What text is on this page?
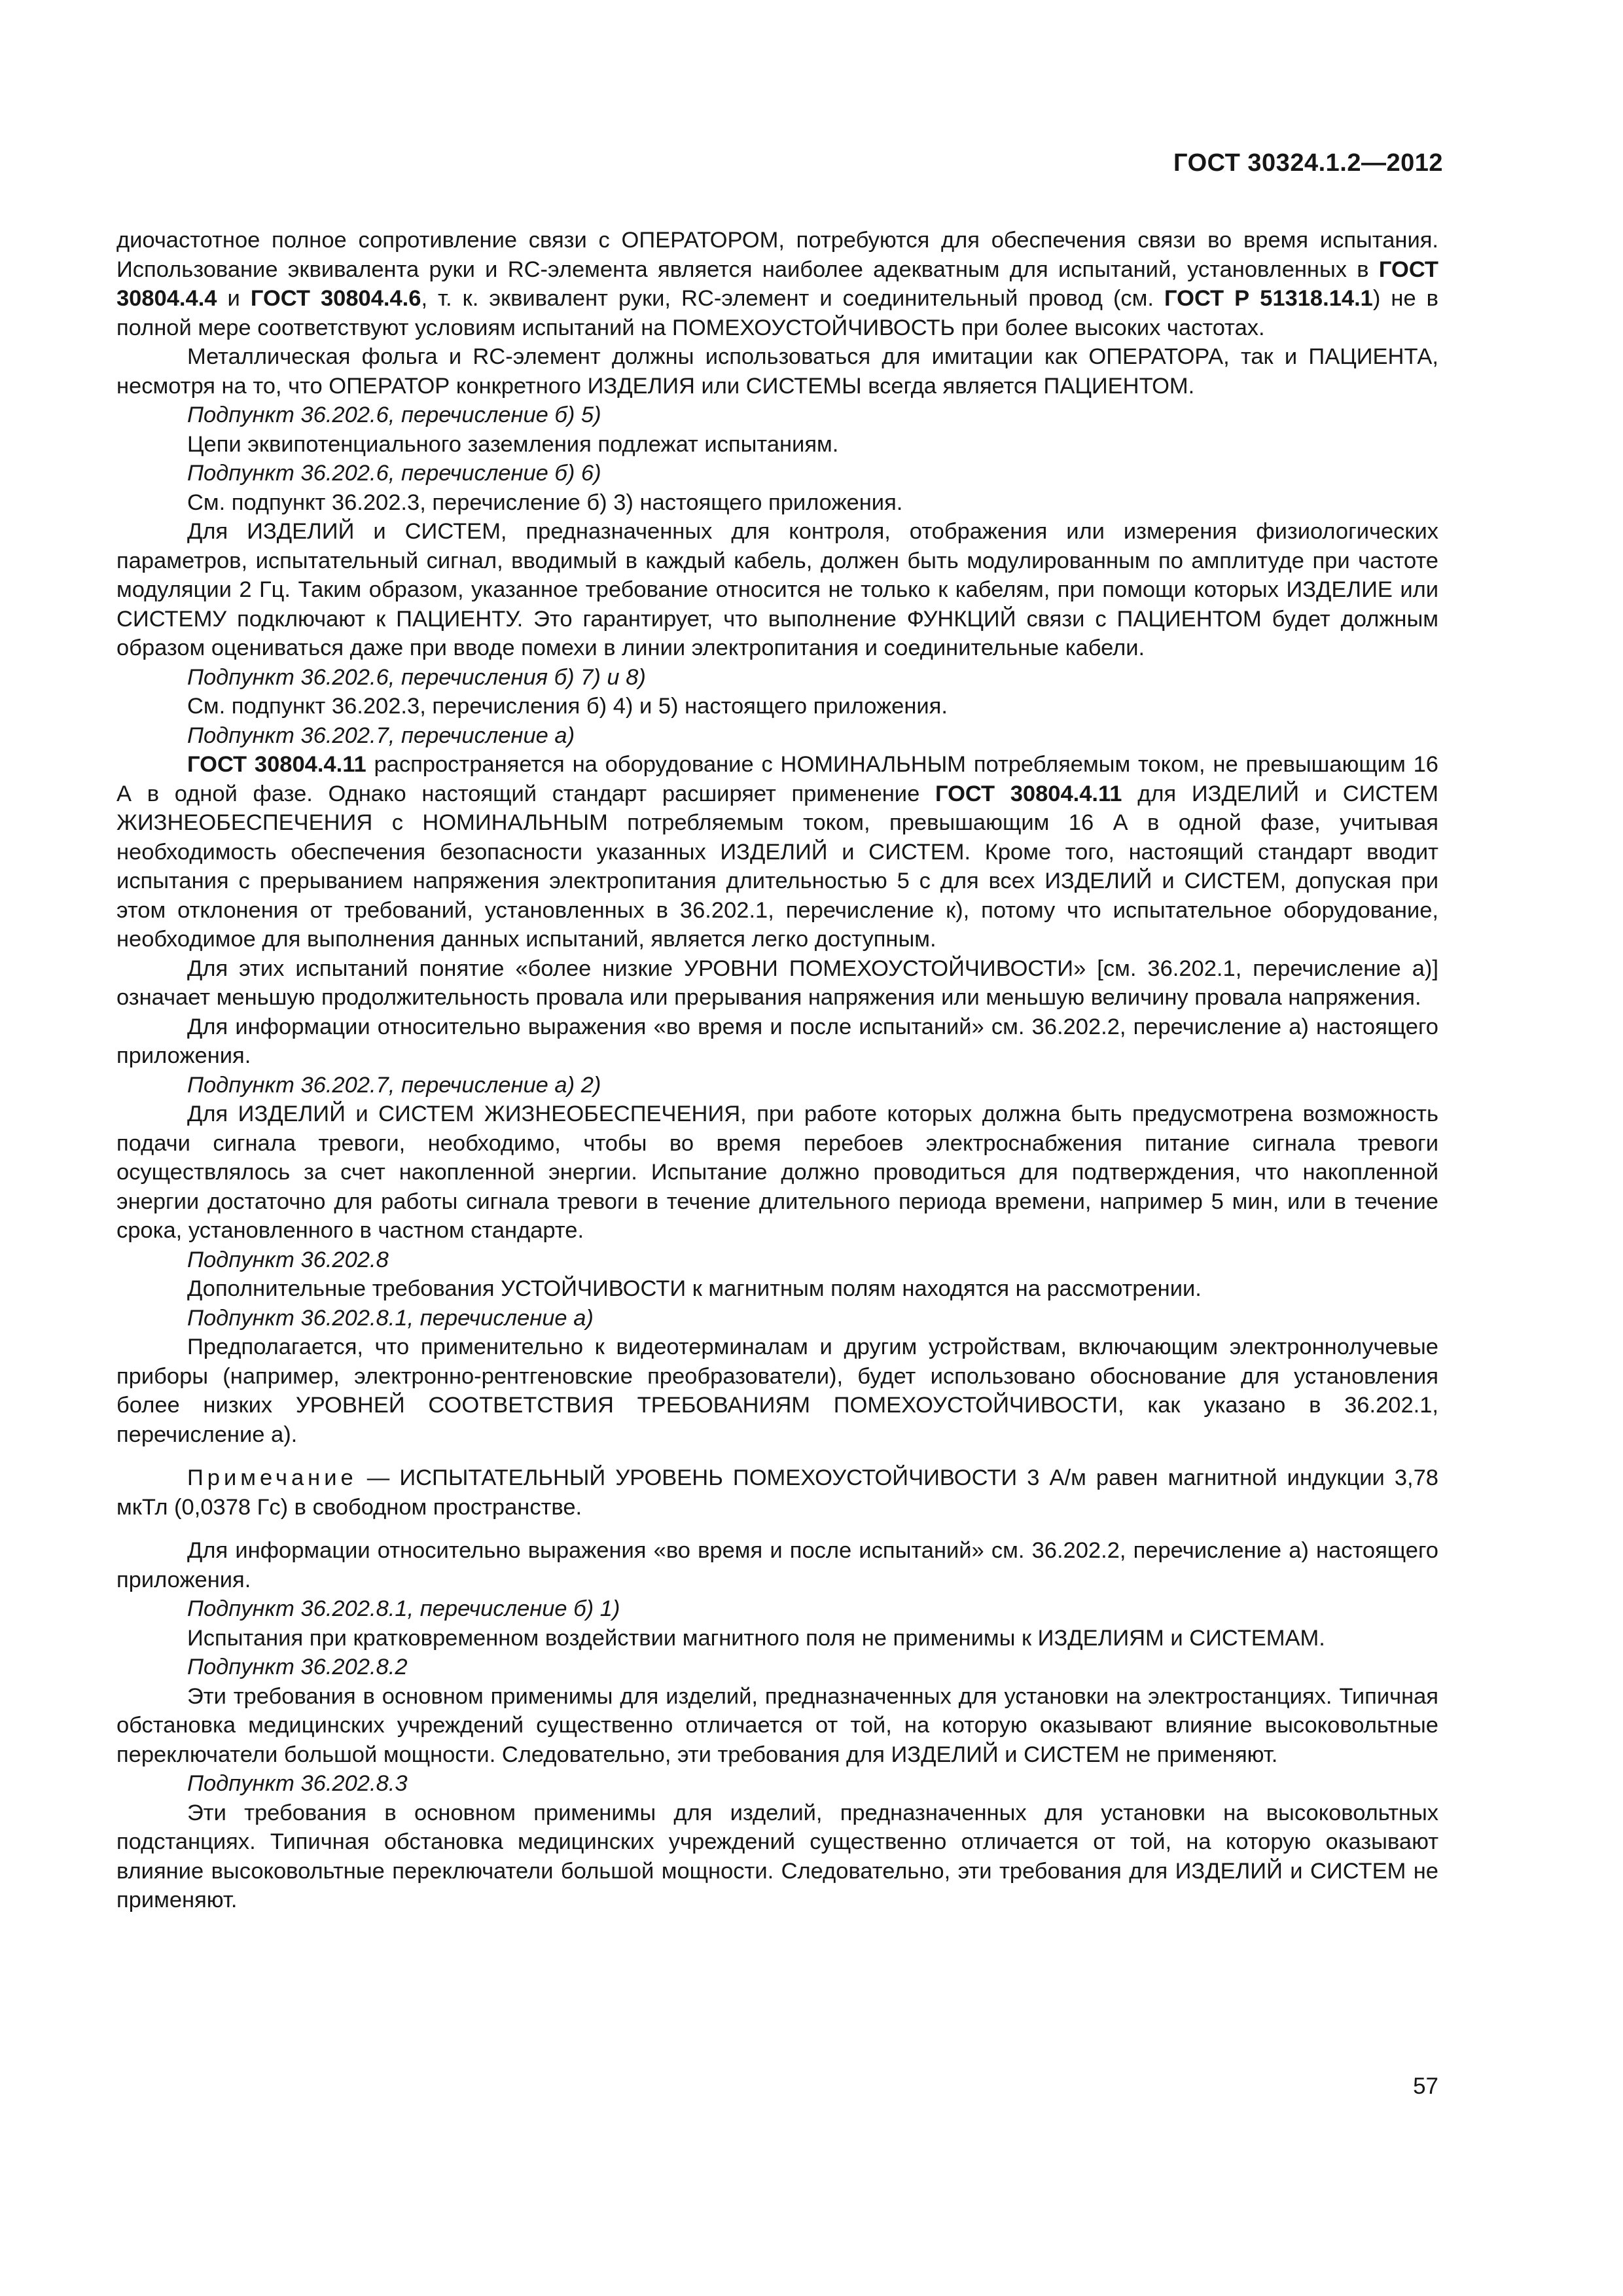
ГОСТ 30324.1.2—2012

диочастотное полное сопротивление связи с ОПЕРАТОРОМ, потребуются для обеспечения связи во время испытания. Использование эквивалента руки и RC-элемента является наиболее адекватным для испытаний, установленных в ГОСТ 30804.4.4 и ГОСТ 30804.4.6, т. к. эквивалент руки, RC-элемент и соединительный провод (см. ГОСТ Р 51318.14.1) не в полной мере соответствуют условиям испытаний на ПОМЕХОУСТОЙЧИВОСТЬ при более высоких частотах.

Металлическая фольга и RC-элемент должны использоваться для имитации как ОПЕРАТОРА, так и ПАЦИЕНТА, несмотря на то, что ОПЕРАТОР конкретного ИЗДЕЛИЯ или СИСТЕМЫ всегда является ПАЦИЕНТОМ.

Подпункт 36.202.6, перечисление б) 5)

Цепи эквипотенциального заземления подлежат испытаниям.

Подпункт 36.202.6, перечисление б) 6)

См. подпункт 36.202.3, перечисление б) 3) настоящего приложения.

Для ИЗДЕЛИЙ и СИСТЕМ, предназначенных для контроля, отображения или измерения физиологических параметров, испытательный сигнал, вводимый в каждый кабель, должен быть модулированным по амплитуде при частоте модуляции 2 Гц. Таким образом, указанное требование относится не только к кабелям, при помощи которых ИЗДЕЛИЕ или СИСТЕМУ подключают к ПАЦИЕНТУ. Это гарантирует, что выполнение ФУНКЦИЙ связи с ПАЦИЕНТОМ будет должным образом оцениваться даже при вводе помехи в линии электропитания и соединительные кабели.

Подпункт 36.202.6, перечисления б) 7) и 8)

См. подпункт 36.202.3, перечисления б) 4) и 5) настоящего приложения.

Подпункт 36.202.7, перечисление а)

ГОСТ 30804.4.11 распространяется на оборудование с НОМИНАЛЬНЫМ потребляемым током, не превышающим 16 А в одной фазе. Однако настоящий стандарт расширяет применение ГОСТ 30804.4.11 для ИЗДЕЛИЙ и СИСТЕМ ЖИЗНЕОБЕСПЕЧЕНИЯ с НОМИНАЛЬНЫМ потребляемым током, превышающим 16 А в одной фазе, учитывая необходимость обеспечения безопасности указанных ИЗДЕЛИЙ и СИСТЕМ. Кроме того, настоящий стандарт вводит испытания с прерыванием напряжения электропитания длительностью 5 с для всех ИЗДЕЛИЙ и СИСТЕМ, допуская при этом отклонения от требований, установленных в 36.202.1, перечисление к), потому что испытательное оборудование, необходимое для выполнения данных испытаний, является легко доступным.

Для этих испытаний понятие «более низкие УРОВНИ ПОМЕХОУСТОЙЧИВОСТИ» [см. 36.202.1, перечисление а)] означает меньшую продолжительность провала или прерывания напряжения или меньшую величину провала напряжения.

Для информации относительно выражения «во время и после испытаний» см. 36.202.2, перечисление а) настоящего приложения.

Подпункт 36.202.7, перечисление а) 2)

Для ИЗДЕЛИЙ и СИСТЕМ ЖИЗНЕОБЕСПЕЧЕНИЯ, при работе которых должна быть предусмотрена возможность подачи сигнала тревоги, необходимо, чтобы во время перебоев электроснабжения питание сигнала тревоги осуществлялось за счет накопленной энергии. Испытание должно проводиться для подтверждения, что накопленной энергии достаточно для работы сигнала тревоги в течение длительного периода времени, например 5 мин, или в течение срока, установленного в частном стандарте.

Подпункт 36.202.8

Дополнительные требования УСТОЙЧИВОСТИ к магнитным полям находятся на рассмотрении.

Подпункт 36.202.8.1, перечисление а)

Предполагается, что применительно к видеотерминалам и другим устройствам, включающим электроннолучевые приборы (например, электронно-рентгеновские преобразователи), будет использовано обоснование для установления более низких УРОВНЕЙ СООТВЕТСТВИЯ ТРЕБОВАНИЯМ ПОМЕХОУСТОЙЧИВОСТИ, как указано в 36.202.1, перечисление а).

Примечание — ИСПЫТАТЕЛЬНЫЙ УРОВЕНЬ ПОМЕХОУСТОЙЧИВОСТИ 3 А/м равен магнитной индукции 3,78 мкТл (0,0378 Гс) в свободном пространстве.

Для информации относительно выражения «во время и после испытаний» см. 36.202.2, перечисление а) настоящего приложения.

Подпункт 36.202.8.1, перечисление б) 1)

Испытания при кратковременном воздействии магнитного поля не применимы к ИЗДЕЛИЯМ и СИСТЕМАМ.

Подпункт 36.202.8.2

Эти требования в основном применимы для изделий, предназначенных для установки на электростанциях. Типичная обстановка медицинских учреждений существенно отличается от той, на которую оказывают влияние высоковольтные переключатели большой мощности. Следовательно, эти требования для ИЗДЕЛИЙ и СИСТЕМ не применяют.

Подпункт 36.202.8.3

Эти требования в основном применимы для изделий, предназначенных для установки на высоковольтных подстанциях. Типичная обстановка медицинских учреждений существенно отличается от той, на которую оказывают влияние высоковольтные переключатели большой мощности. Следовательно, эти требования для ИЗДЕЛИЙ и СИСТЕМ не применяют.

57
